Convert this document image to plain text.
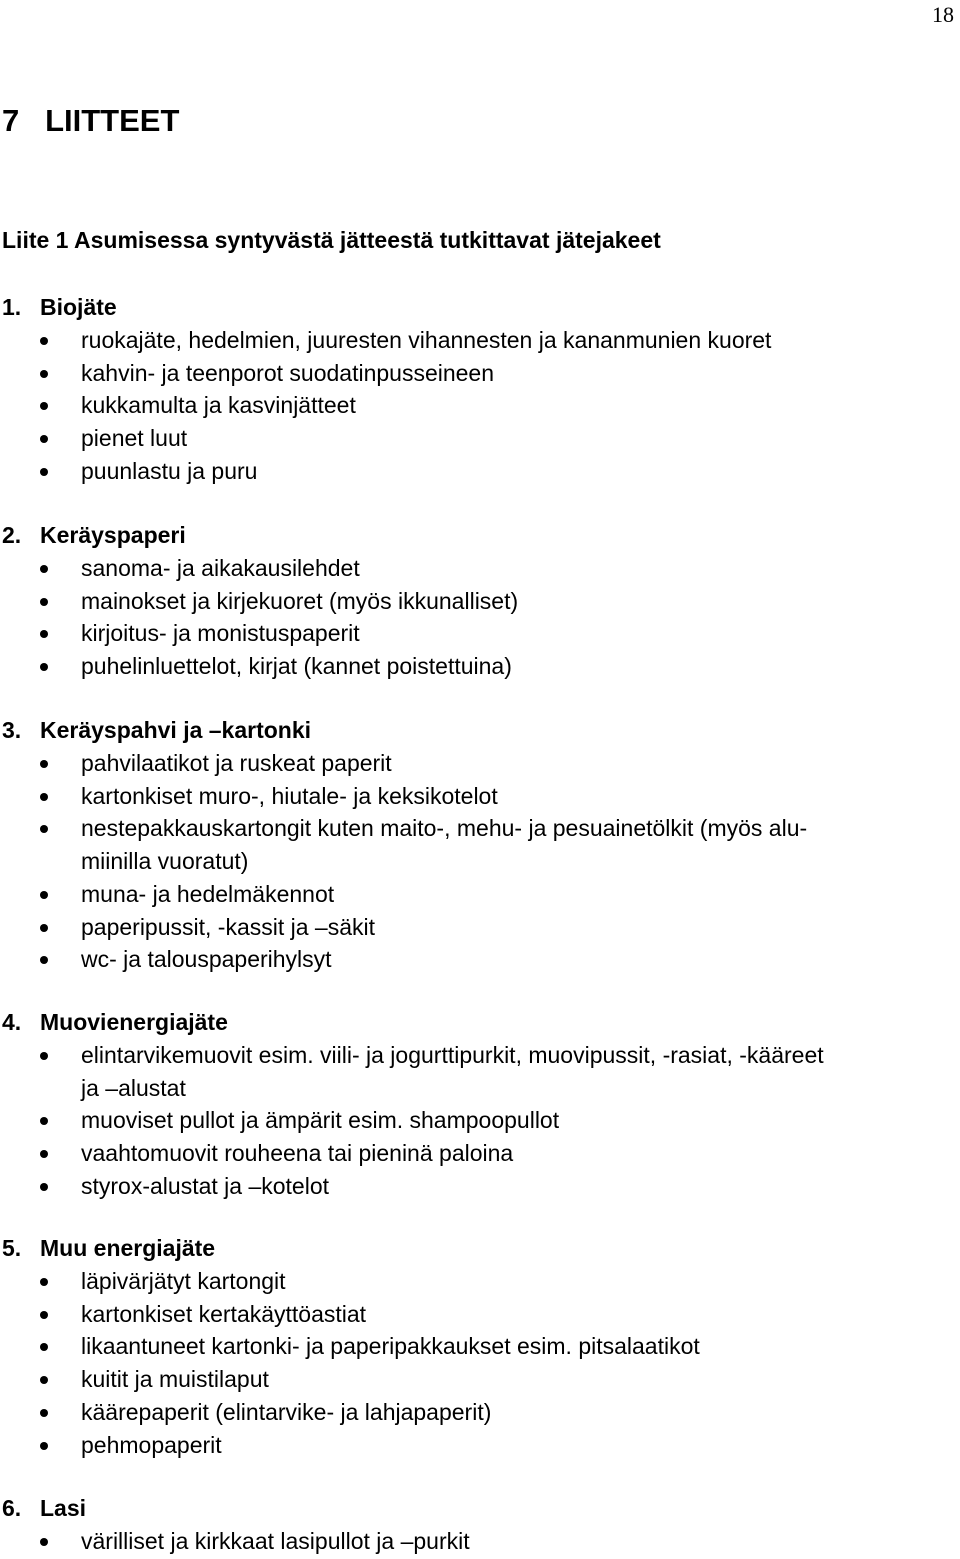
18
7   LIITTEET
Liite 1 Asumisessa syntyvästä jätteestä tutkittavat jätejakeet
1. Biojäte
ruokajäte, hedelmien, juuresten vihannesten ja kananmunien kuoret
kahvin- ja teenporot suodatinpusseineen
kukkamulta ja kasvinjätteet
pienet luut
puunlastu ja puru
2. Keräyspaperi
sanoma- ja aikakausilehdet
mainokset ja kirjekuoret (myös ikkunalliset)
kirjoitus- ja monistuspaperit
puhelinluettelot, kirjat (kannet poistettuina)
3. Keräyspahvi ja –kartonki
pahvilaatikot ja ruskeat paperit
kartonkiset muro-, hiutale- ja keksikotelot
nestepakkauskartongit kuten maito-, mehu- ja pesuainetölkit (myös alu-
miinilla vuoratut)
muna- ja hedelmäkennot
paperipussit, -kassit ja –säkit
wc- ja talouspaperihylsyt
4. Muovienergiajäte
elintarvikemuovit esim. viili- ja jogurttipurkit, muovipussit, -rasiat, -kääreet
ja –alustat
muoviset pullot ja ämpärit esim. shampoopullot
vaahtomuovit rouheena tai pieninä paloina
styrox-alustat ja –kotelot
5. Muu energiajäte
läpivärjätyt kartongit
kartonkiset kertakäyttöastiat
likaantuneet kartonki- ja paperipakkaukset esim. pitsalaatikot
kuitit ja muistilaput
käärepaperit (elintarvike- ja lahjapaperit)
pehmopaperit
6. Lasi
värilliset ja kirkkaat lasipullot ja –purkit
